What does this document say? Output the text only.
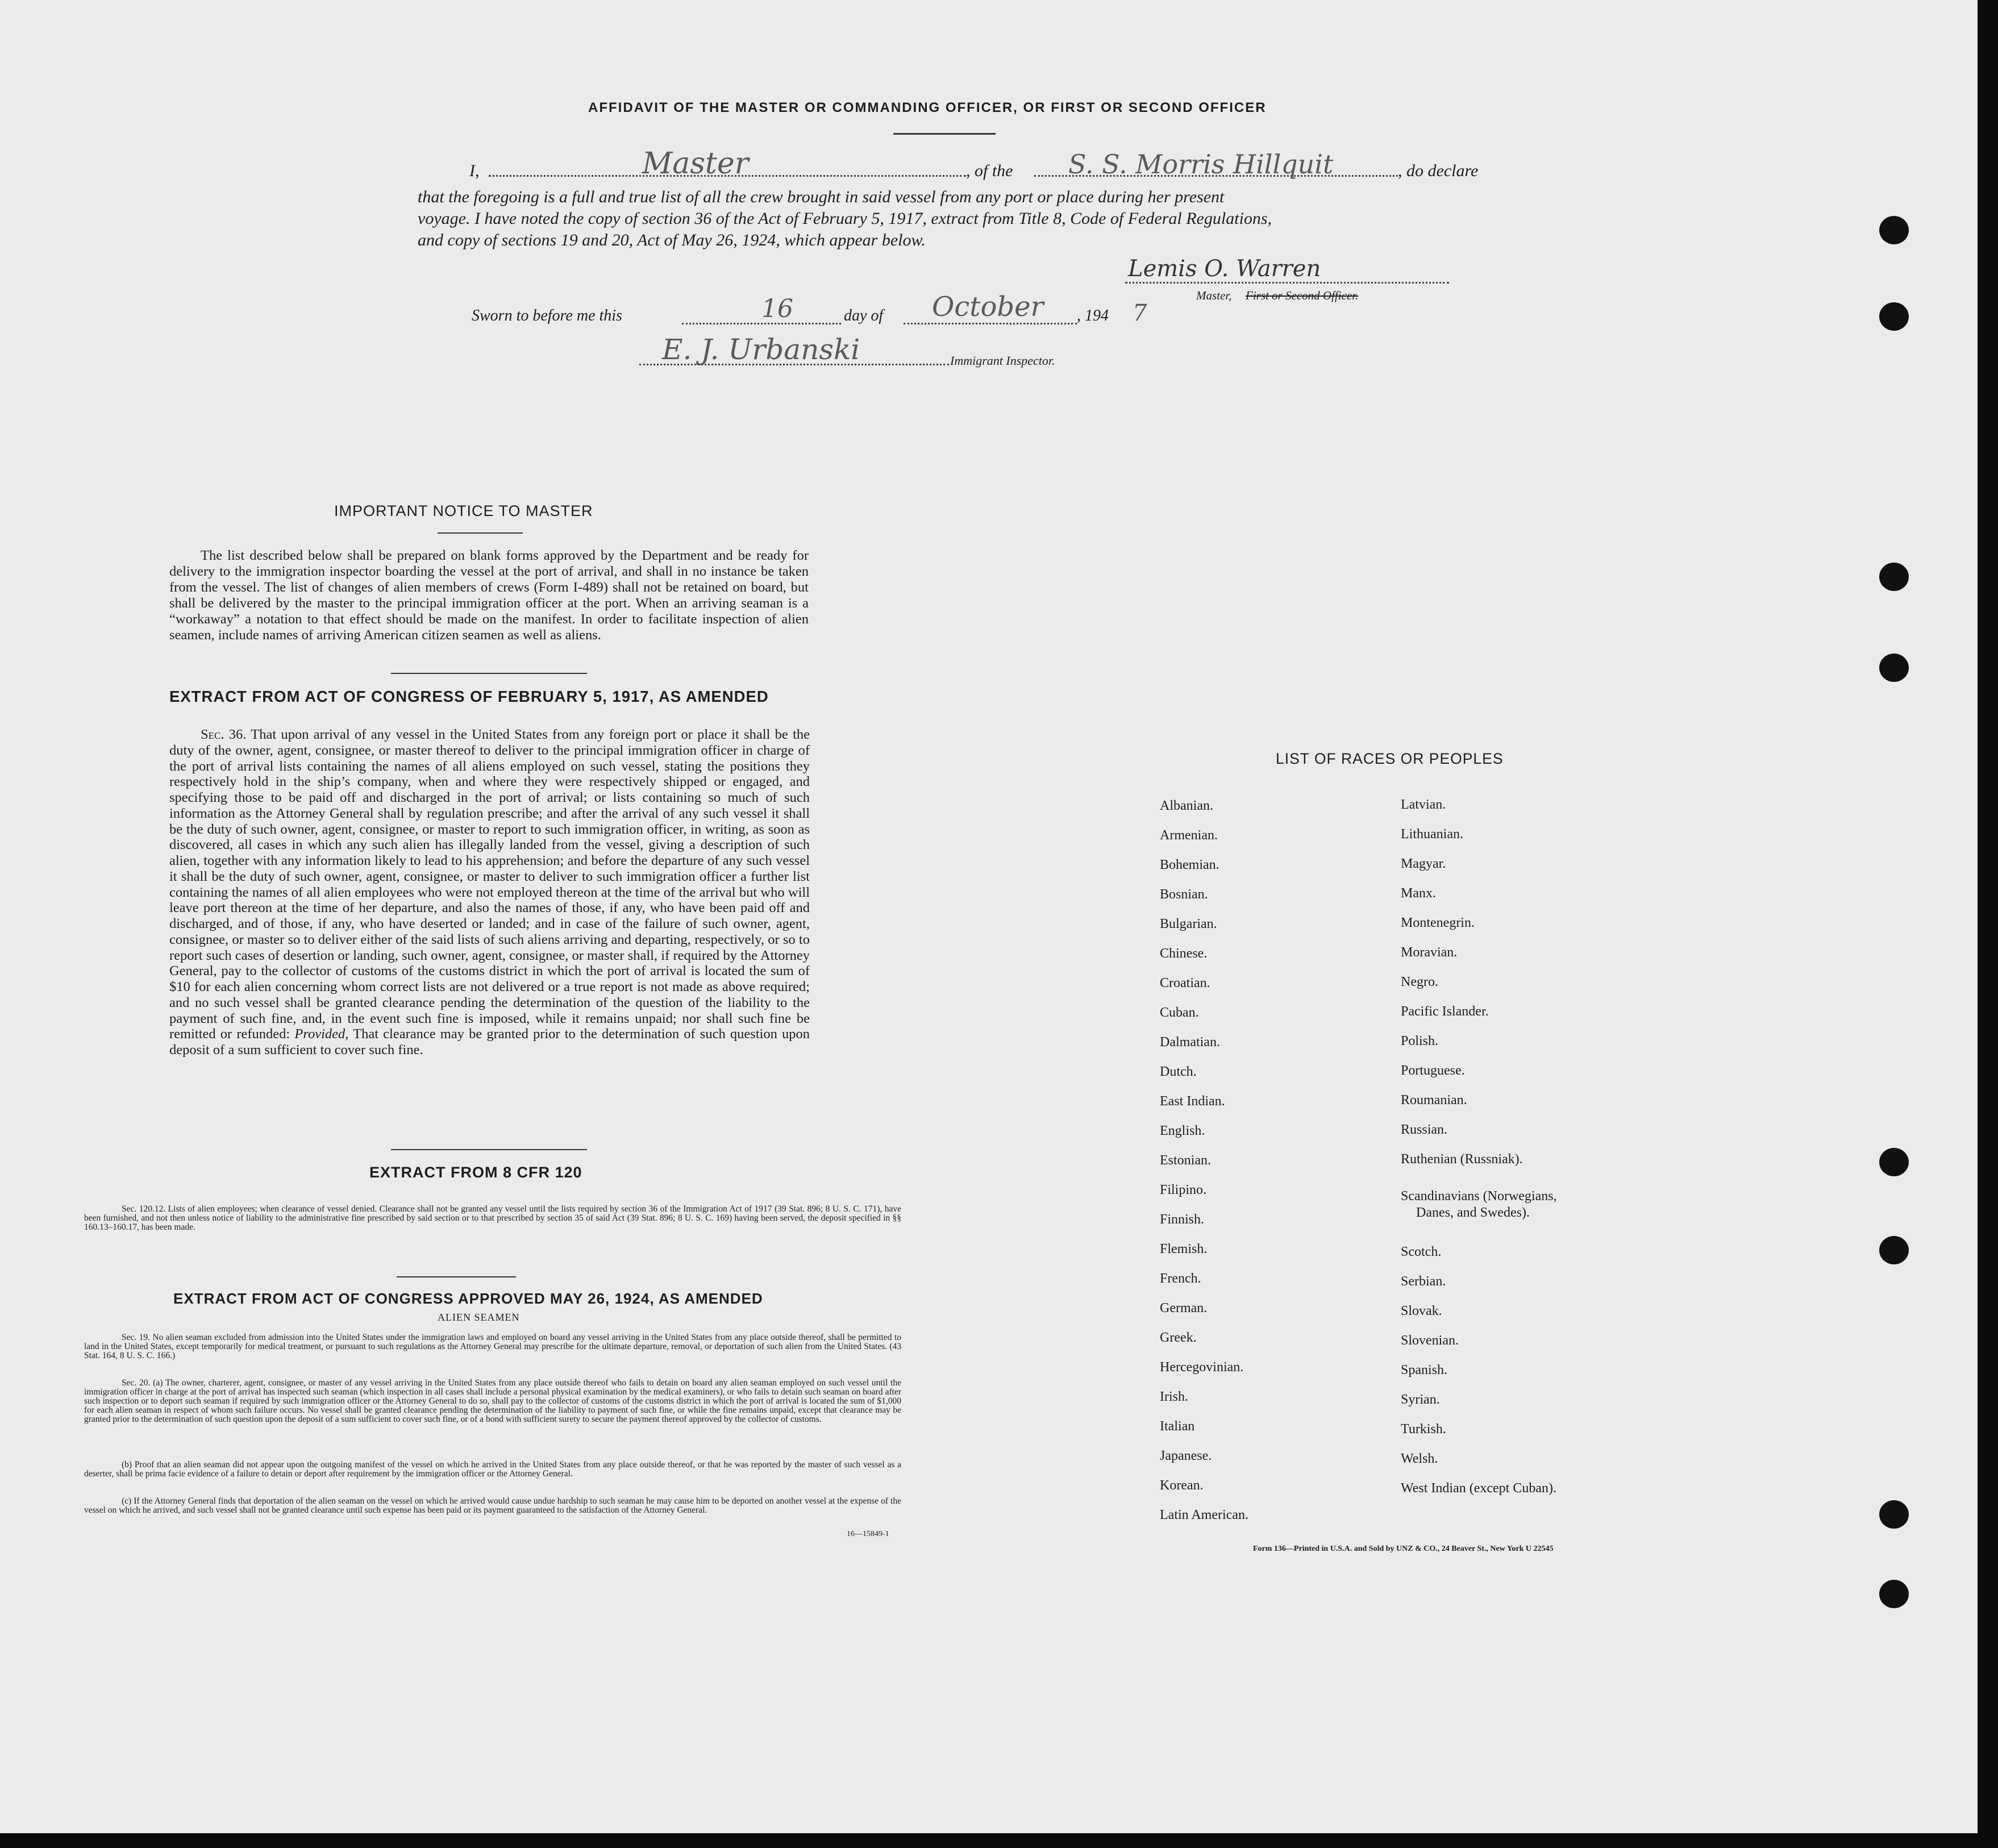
AFFIDAVIT OF THE MASTER OR COMMANDING OFFICER, OR FIRST OR SECOND OFFICER
I,	Master	, of the S. S. Morris Hillquit	, do declare
that the foregoing is a full and true list of all the crew brought in said vessel from any port or place during her present
voyage. I have noted the copy of section 36 of the Act of February 5, 1917, extract from Title 8, Code of Federal Regulations,
and copy of sections 19 and 20, Act of May 26, 1924, which appear below.
Lemis O. Warren
Master, First or Second Officer.
Sworn to before me this	16	day of October , 194 7
E. J. Urbanski	Immigrant Inspector.
IMPORTANT NOTICE TO MASTER
The list described below shall be prepared on blank forms approved by the Department and be ready for delivery to the immigration inspector boarding the vessel at the port of arrival, and shall in no instance be taken from the vessel. The list of changes of alien members of crews (Form I-489) shall not be retained on board, but shall be delivered by the master to the principal immigration officer at the port. When an arriving seaman is a “workaway” a notation to that effect should be made on the manifest. In order to facilitate inspection of alien seamen, include names of arriving American citizen seamen as well as aliens.
EXTRACT FROM ACT OF CONGRESS OF FEBRUARY 5, 1917, AS AMENDED
Sec. 36. That upon arrival of any vessel in the United States from any foreign port or place it shall be the duty of the owner, agent, consignee, or master thereof to deliver to the principal immigration officer in charge of the port of arrival lists containing the names of all aliens employed on such vessel, stating the positions they respectively hold in the ship’s company, when and where they were respectively shipped or engaged, and specifying those to be paid off and discharged in the port of arrival; or lists containing so much of such information as the Attorney General shall by regulation prescribe; and after the arrival of any such vessel it shall be the duty of such owner, agent, consignee, or master to report to such immigration officer, in writing, as soon as discovered, all cases in which any such alien has illegally landed from the vessel, giving a description of such alien, together with any information likely to lead to his apprehension; and before the departure of any such vessel it shall be the duty of such owner, agent, consignee, or master to deliver to such immigration officer a further list containing the names of all alien employees who were not employed thereon at the time of the arrival but who will leave port thereon at the time of her departure, and also the names of those, if any, who have been paid off and discharged, and of those, if any, who have deserted or landed; and in case of the failure of such owner, agent, consignee, or master so to deliver either of the said lists of such aliens arriving and departing, respectively, or so to report such cases of desertion or landing, such owner, agent, consignee, or master shall, if required by the Attorney General, pay to the collector of customs of the customs district in which the port of arrival is located the sum of $10 for each alien concerning whom correct lists are not delivered or a true report is not made as above required; and no such vessel shall be granted clearance pending the determination of the question of the liability to the payment of such fine, and, in the event such fine is imposed, while it remains unpaid; nor shall such fine be remitted or refunded: Provided, That clearance may be granted prior to the determination of such question upon deposit of a sum sufficient to cover such fine.
EXTRACT FROM 8 CFR 120
Sec. 120.12. Lists of alien employees; when clearance of vessel denied. Clearance shall not be granted any vessel until the lists required by section 36 of the Immigration Act of 1917 (39 Stat. 896; 8 U. S. C. 171), have been furnished, and not then unless notice of liability to the administrative fine prescribed by said section or to that prescribed by section 35 of said Act (39 Stat. 896; 8 U. S. C. 169) having been served, the deposit specified in §§ 160.13–160.17, has been made.
EXTRACT FROM ACT OF CONGRESS APPROVED MAY 26, 1924, AS AMENDED
ALIEN SEAMEN
Sec. 19. No alien seaman excluded from admission into the United States under the immigration laws and employed on board any vessel arriving in the United States from any place outside thereof, shall be permitted to land in the United States, except temporarily for medical treatment, or pursuant to such regulations as the Attorney General may prescribe for the ultimate departure, removal, or deportation of such alien from the United States. (43 Stat. 164, 8 U. S. C. 166.)
Sec. 20. (a) The owner, charterer, agent, consignee, or master of any vessel arriving in the United States from any place outside thereof who fails to detain on board any alien seaman employed on such vessel until the immigration officer in charge at the port of arrival has inspected such seaman (which inspection in all cases shall include a personal physical examination by the medical examiners), or who fails to detain such seaman on board after such inspection or to deport such seaman if required by such immigration officer or the Attorney General to do so, shall pay to the collector of customs of the customs district in which the port of arrival is located the sum of $1,000 for each alien seaman in respect of whom such failure occurs. No vessel shall be granted clearance pending the determination of the liability to payment of such fine, or while the fine remains unpaid, except that clearance may be granted prior to the determination of such question upon the deposit of a sum sufficient to cover such fine, or of a bond with sufficient surety to secure the payment thereof approved by the collector of customs.
(b) Proof that an alien seaman did not appear upon the outgoing manifest of the vessel on which he arrived in the United States from any place outside thereof, or that he was reported by the master of such vessel as a deserter, shall be prima facie evidence of a failure to detain or deport after requirement by the immigration officer or the Attorney General.
(c) If the Attorney General finds that deportation of the alien seaman on the vessel on which he arrived would cause undue hardship to such seaman he may cause him to be deported on another vessel at the expense of the vessel on which he arrived, and such vessel shall not be granted clearance until such expense has been paid or its payment guaranteed to the satisfaction of the Attorney General.
16—15849-1
LIST OF RACES OR PEOPLES
Albanian.
Armenian.
Bohemian.
Bosnian.
Bulgarian.
Chinese.
Croatian.
Cuban.
Dalmatian.
Dutch.
East Indian.
English.
Estonian.
Filipino.
Finnish.
Flemish.
French.
German.
Greek.
Hercegovinian.
Irish.
Italian
Japanese.
Korean.
Latin American.
Latvian.
Lithuanian.
Magyar.
Manx.
Montenegrin.
Moravian.
Negro.
Pacific Islander.
Polish.
Portuguese.
Roumanian.
Russian.
Ruthenian (Russniak).
Scandinavians (Norwegians,
Danes, and Swedes).
Scotch.
Serbian.
Slovak.
Slovenian.
Spanish.
Syrian.
Turkish.
Welsh.
West Indian (except Cuban).
Form 136—Printed in U.S.A. and Sold by UNZ & CO., 24 Beaver St., New York U 22545
